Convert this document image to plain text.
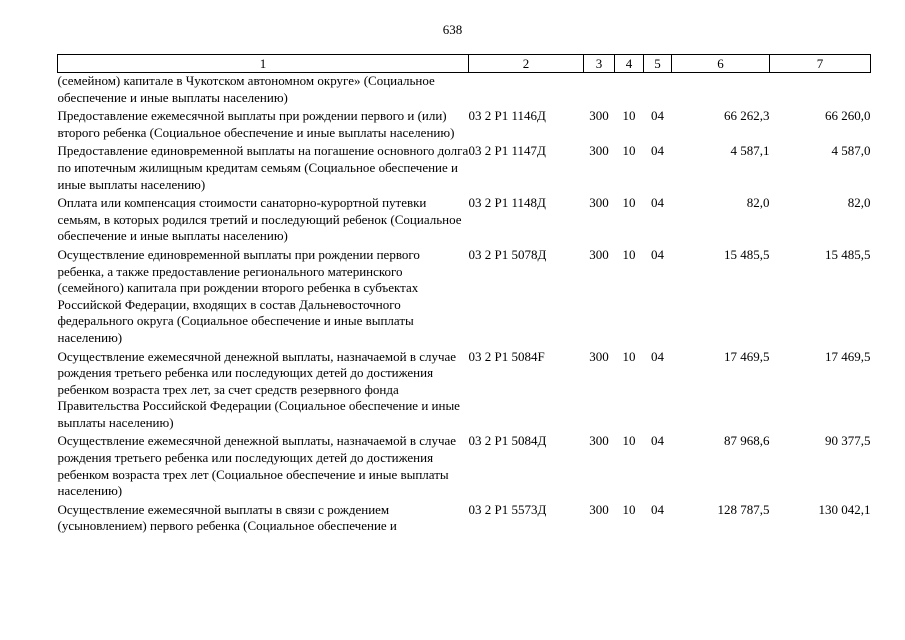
638
1	2	3	4	5	6	7
(семейном) капитале в Чукотском автономном округе» (Социальное обеспечение и иные выплаты населению)						
Предоставление ежемесячной выплаты при рождении первого и (или) второго ребенка (Социальное обеспечение и иные выплаты населению)	03 2 Р1 1146Д	300	10	04	66 262,3	66 260,0
Предоставление единовременной выплаты на погашение основного долга по ипотечным жилищным кредитам семьям (Социальное обеспечение и иные выплаты населению)	03 2 Р1 1147Д	300	10	04	4 587,1	4 587,0
Оплата или компенсация стоимости санаторно-курортной путевки семьям, в которых родился третий и последующий ребенок (Социальное обеспечение и иные выплаты населению)	03 2 Р1 1148Д	300	10	04	82,0	82,0
Осуществление единовременной выплаты при рождении первого ребенка, а также предоставление регионального материнского (семейного) капитала при рождении второго ребенка в субъектах Российской Федерации, входящих в состав Дальневосточного федерального округа (Социальное обеспечение и иные выплаты населению)	03 2 Р1 5078Д	300	10	04	15 485,5	15 485,5
Осуществление ежемесячной денежной выплаты, назначаемой в случае рождения третьего ребенка или последующих детей до достижения ребенком возраста трех лет, за счет средств резервного фонда Правительства Российской Федерации (Социальное обеспечение и иные выплаты населению)	03 2 Р1 5084F	300	10	04	17 469,5	17 469,5
Осуществление ежемесячной денежной выплаты, назначаемой в случае рождения третьего ребенка или последующих детей до достижения ребенком возраста трех лет (Социальное обеспечение и иные выплаты населению)	03 2 Р1 5084Д	300	10	04	87 968,6	90 377,5
Осуществление ежемесячной выплаты в связи с рождением (усыновлением) первого ребенка (Социальное обеспечение и	03 2 Р1 5573Д	300	10	04	128 787,5	130 042,1
